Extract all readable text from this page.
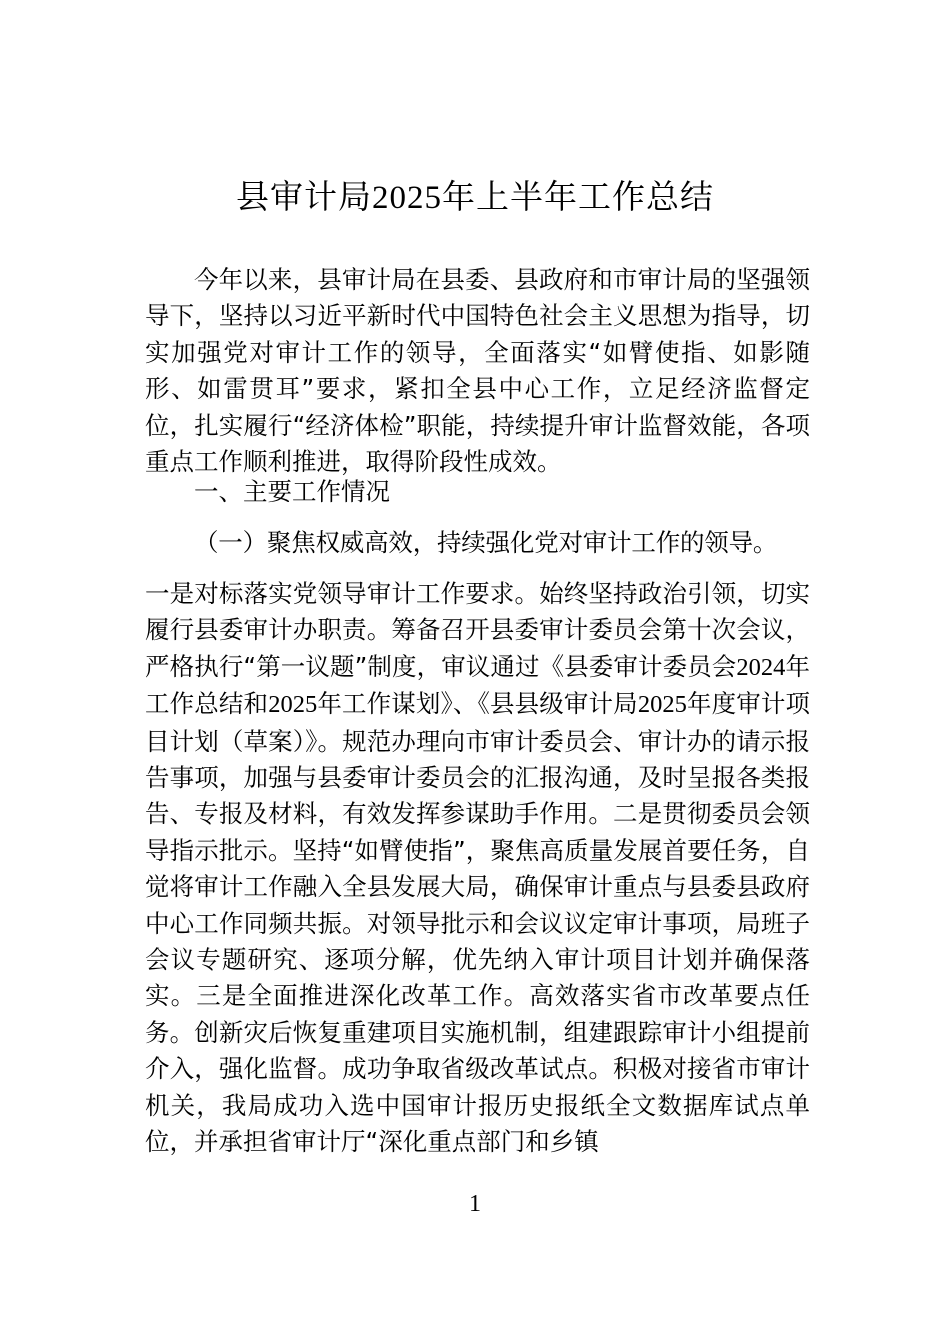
县审计局2025年上半年工作总结
今年以来，县审计局在县委、县政府和市审计局的坚强领导下，坚持以习近平新时代中国特色社会主义思想为指导，切实加强党对审计工作的领导，全面落实“如臂使指、如影随形、如雷贯耳”要求，紧扣全县中心工作，立足经济监督定位，扎实履行“经济体检”职能，持续提升审计监督效能，各项重点工作顺利推进，取得阶段性成效。
一、主要工作情况
（一）聚焦权威高效，持续强化党对审计工作的领导。
一是对标落实党领导审计工作要求。始终坚持政治引领，切实履行县委审计办职责。筹备召开县委审计委员会第十次会议，严格执行“第一议题”制度，审议通过《县委审计委员会2024年工作总结和2025年工作谋划》、《县县级审计局2025年度审计项目计划（草案）》。规范办理向市审计委员会、审计办的请示报告事项，加强与县委审计委员会的汇报沟通，及时呈报各类报告、专报及材料，有效发挥参谋助手作用。二是贯彻委员会领导指示批示。坚持“如臂使指”，聚焦高质量发展首要任务，自觉将审计工作融入全县发展大局，确保审计重点与县委县政府中心工作同频共振。对领导批示和会议议定审计事项，局班子会议专题研究、逐项分解，优先纳入审计项目计划并确保落实。三是全面推进深化改革工作。高效落实省市改革要点任务。创新灾后恢复重建项目实施机制，组建跟踪审计小组提前介入，强化监督。成功争取省级改革试点。积极对接省市审计机关，我局成功入选中国审计报历史报纸全文数据库试点单位，并承担省审计厅“深化重点部门和乡镇
1
